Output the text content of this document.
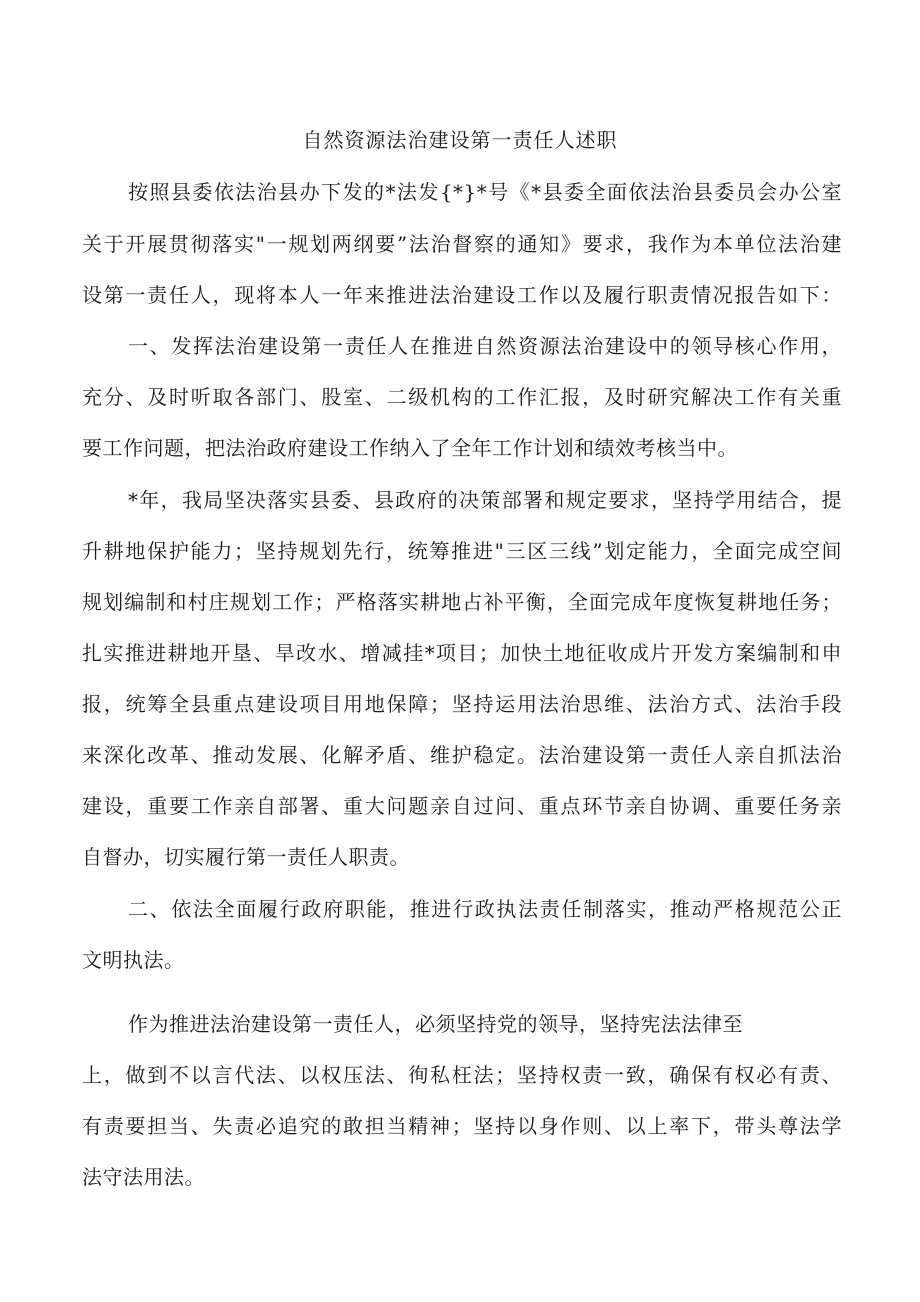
自然资源法治建设第一责任人述职
按照县委依法治县办下发的*法发{*}*号《*县委全面依法治县委员会办公室
关于开展贯彻落实"一规划两纲要”法治督察的通知》要求，我作为本单位法治建
设第一责任人，现将本人一年来推进法治建设工作以及履行职责情况报告如下：
一、发挥法治建设第一责任人在推进自然资源法治建设中的领导核心作用，
充分、及时听取各部门、股室、二级机构的工作汇报，及时研究解决工作有关重
要工作问题，把法治政府建设工作纳入了全年工作计划和绩效考核当中。
*年，我局坚决落实县委、县政府的决策部署和规定要求，坚持学用结合，提
升耕地保护能力；坚持规划先行，统筹推进"三区三线”划定能力，全面完成空间
规划编制和村庄规划工作；严格落实耕地占补平衡，全面完成年度恢复耕地任务；
扎实推进耕地开垦、旱改水、增减挂*项目；加快土地征收成片开发方案编制和申
报，统筹全县重点建设项目用地保障；坚持运用法治思维、法治方式、法治手段
来深化改革、推动发展、化解矛盾、维护稳定。法治建设第一责任人亲自抓法治
建设，重要工作亲自部署、重大问题亲自过问、重点环节亲自协调、重要任务亲
自督办，切实履行第一责任人职责。
二、依法全面履行政府职能，推进行政执法责任制落实，推动严格规范公正
文明执法。
作为推进法治建设第一责任人，必须坚持党的领导，坚持宪法法律至
上，做到不以言代法、以权压法、徇私枉法；坚持权责一致，确保有权必有责、
有责要担当、失责必追究的敢担当精神；坚持以身作则、以上率下，带头尊法学
法守法用法。
